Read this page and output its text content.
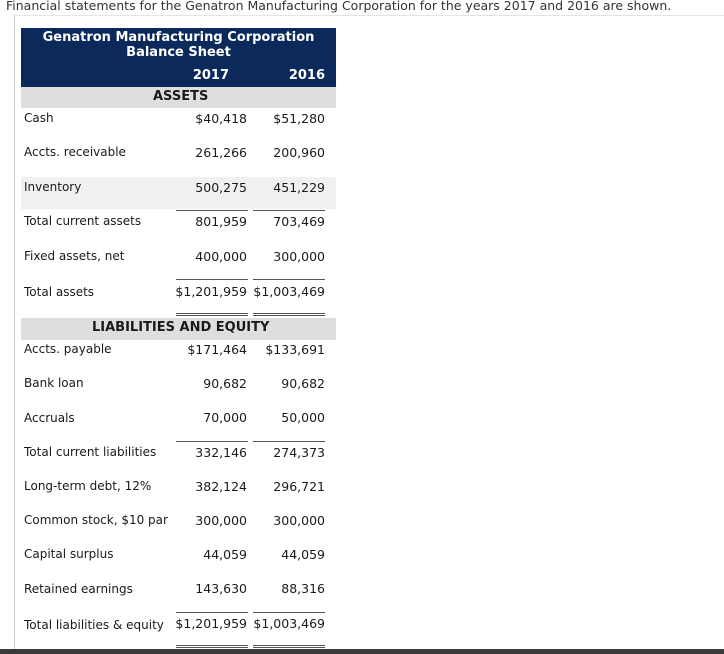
Financial statements for the Genatron Manufacturing Corporation for the years 2017 and 2016 are shown.
Genatron Manufacturing Corporation
Balance Sheet
2017	2016
ASSETS
Cash	$40,418 $51,280
Accts. receivable	261,266 200,960
Inventory	500,275 451,229
Total current assets	801,959 703,469
Fixed assets, net	400,000 300,000
Total assets	$1,201,959 $1,003,469
LIABILITIES AND EQUITY
Accts. payable	$171,464 $133,691
Bank loan	90,682	90,682
Accruals	70,000	50,000
Total current liabilities	332,146 274,373
Long-term debt, 12%	382,124 296,721
Common stock, $10 par 300,000 300,000
Capital surplus	44,059	44,059
Retained earnings	143,630	88,316
Total liabilities & equity $1,201,959 $1,003,469
